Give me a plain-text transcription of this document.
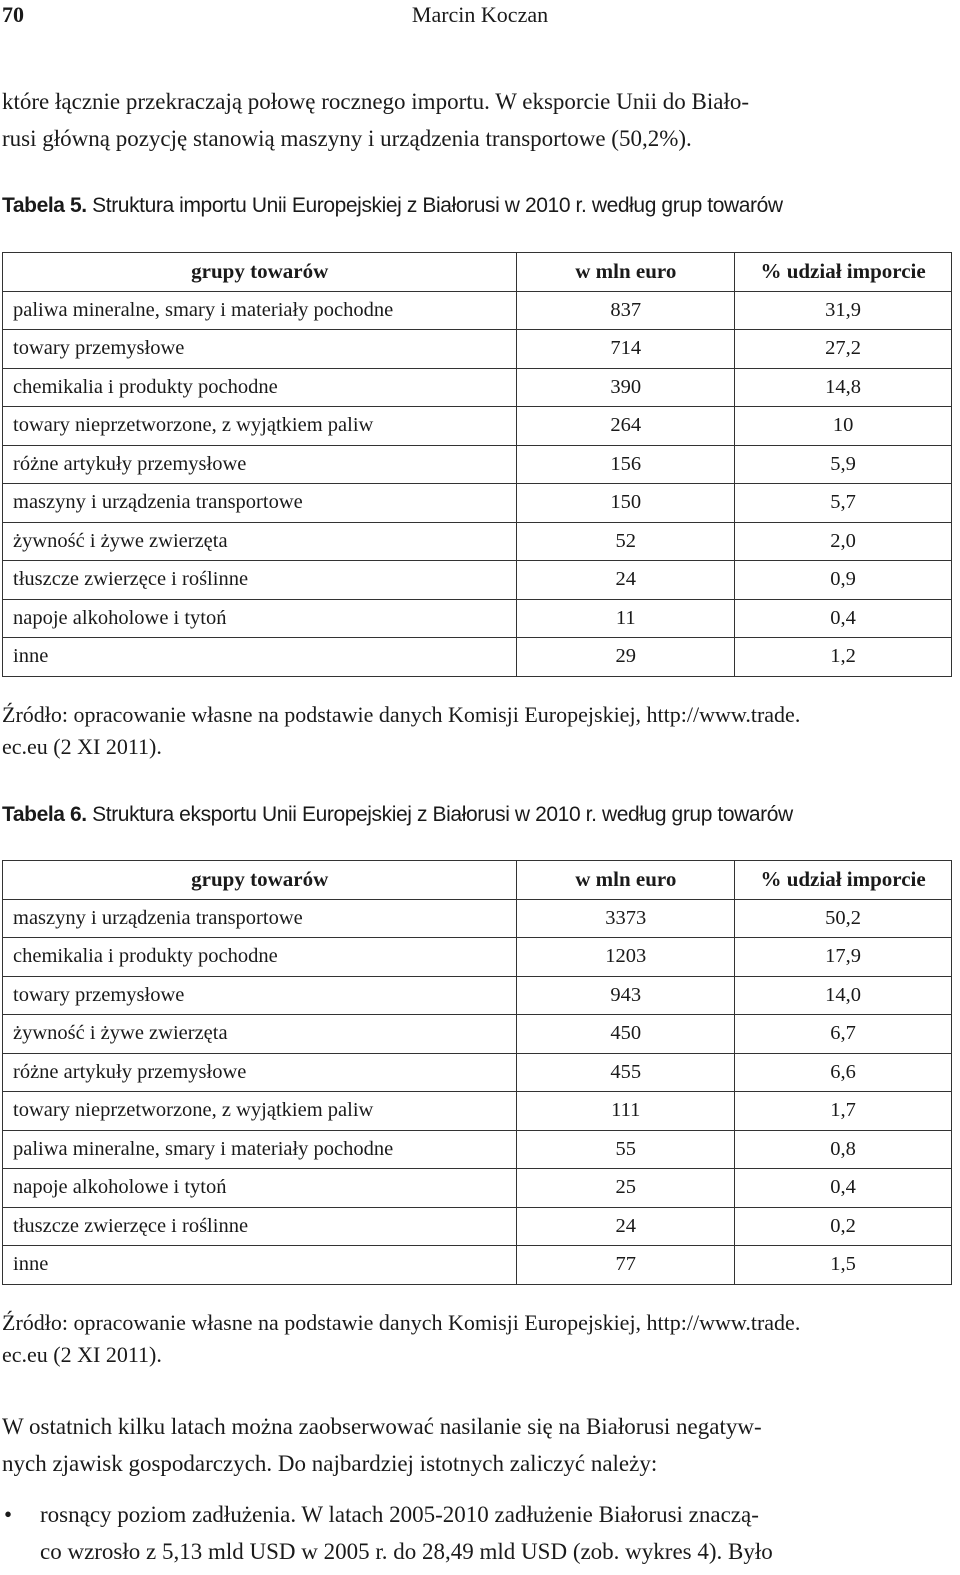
70	Marcin Koczan

które łącznie przekraczają połowę rocznego importu. W eksporcie Unii do Biało-
rusi główną pozycję stanowią maszyny i urządzenia transportowe (50,2%).

Tabela 5. Struktura importu Unii Europejskiej z Białorusi w 2010 r. według grup towarów

grupy towarów	w mln euro	% udział imporcie
paliwa mineralne, smary i materiały pochodne	837	31,9
towary przemysłowe	714	27,2
chemikalia i produkty pochodne	390	14,8
towary nieprzetworzone, z wyjątkiem paliw	264	10
różne artykuły przemysłowe	156	5,9
maszyny i urządzenia transportowe	150	5,7
żywność i żywe zwierzęta	52	2,0
tłuszcze zwierzęce i roślinne	24	0,9
napoje alkoholowe i tytoń	11	0,4
inne	29	1,2

Źródło: opracowanie własne na podstawie danych Komisji Europejskiej, http://www.trade.
ec.eu (2 XI 2011).

Tabela 6. Struktura eksportu Unii Europejskiej z Białorusi w 2010 r. według grup towarów

grupy towarów	w mln euro	% udział imporcie
maszyny i urządzenia transportowe	3373	50,2
chemikalia i produkty pochodne	1203	17,9
towary przemysłowe	943	14,0
żywność i żywe zwierzęta	450	6,7
różne artykuły przemysłowe	455	6,6
towary nieprzetworzone, z wyjątkiem paliw	111	1,7
paliwa mineralne, smary i materiały pochodne	55	0,8
napoje alkoholowe i tytoń	25	0,4
tłuszcze zwierzęce i roślinne	24	0,2
inne	77	1,5

Źródło: opracowanie własne na podstawie danych Komisji Europejskiej, http://www.trade.
ec.eu (2 XI 2011).

W ostatnich kilku latach można zaobserwować nasilanie się na Białorusi negatyw-
nych zjawisk gospodarczych. Do najbardziej istotnych zaliczyć należy:

• rosnący poziom zadłużenia. W latach 2005-2010 zadłużenie Białorusi znaczą-
co wzrosło z 5,13 mld USD w 2005 r. do 28,49 mld USD (zob. wykres 4). Było
